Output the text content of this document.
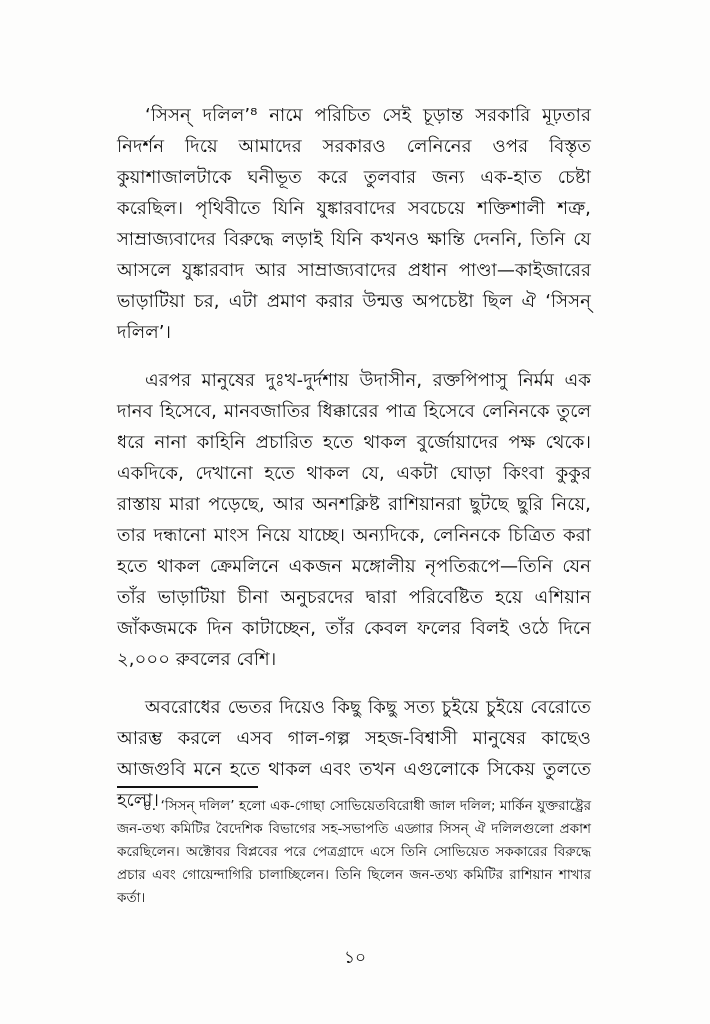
‘সিসন্ দলিল’⁸ নামে পরিচিত সেই চূড়ান্ত সরকারি মূঢ়তার নিদর্শন দিয়ে আমাদের সরকারও লেনিনের ওপর বিস্তৃত কুয়াশাজালটাকে ঘনীভূত করে তুলবার জন্য এক-হাত চেষ্টা করেছিল। পৃথিবীতে যিনি যুঙ্কারবাদের সবচেয়ে শক্তিশালী শত্রু, সাম্রাজ্যবাদের বিরুদ্ধে লড়াই যিনি কখনও ক্ষান্তি দেননি, তিনি যে আসলে যুঙ্কারবাদ আর সাম্রাজ্যবাদের প্রধান পাণ্ডা—কাইজারের ভাড়াটিয়া চর, এটা প্রমাণ করার উন্মত্ত অপচেষ্টা ছিল ঐ ‘সিসন্ দলিল’।

এরপর মানুষের দুঃখ-দুর্দশায় উদাসীন, রক্তপিপাসু নির্মম এক দানব হিসেবে, মানবজাতির ধিক্কারের পাত্র হিসেবে লেনিনকে তুলে ধরে নানা কাহিনি প্রচারিত হতে থাকল বুর্জোয়াদের পক্ষ থেকে। একদিকে, দেখানো হতে থাকল যে, একটা ঘোড়া কিংবা কুকুর রাস্তায় মারা পড়েছে, আর অনশক্লিষ্ট রাশিয়ানরা ছুটছে ছুরি নিয়ে, তার দন্ধানো মাংস নিয়ে যাচ্ছে। অন্যদিকে, লেনিনকে চিত্রিত করা হতে থাকল ক্রেমলিনে একজন মঙ্গোলীয় নৃপতিরূপে—তিনি যেন তাঁর ভাড়াটিয়া চীনা অনুচরদের দ্বারা পরিবেষ্টিত হয়ে এশিয়ান জাঁকজমকে দিন কাটাচ্ছেন, তাঁর কেবল ফলের বিলই ওঠে দিনে ২,০০০ রুবলের বেশি।

অবরোধের ভেতর দিয়েও কিছু কিছু সত্য চুইয়ে চুইয়ে বেরোতে আরম্ভ করলে এসব গাল-গল্প সহজ-বিশ্বাসী মানুষের কাছেও আজগুবি মনে হতে থাকল এবং তখন এগুলোকে সিকেয় তুলতে হলো।

৪. ‘সিসন্ দলিল’ হলো এক-গোছা সোভিয়েতবিরোধী জাল দলিল; মার্কিন যুক্তরাষ্ট্রের জন-তথ্য কমিটির বৈদেশিক বিভাগের সহ-সভাপতি এড্গার সিসন্ ঐ দলিলগুলো প্রকাশ করেছিলেন। অক্টোবর বিপ্লবের পরে পেত্রগ্রাদে এসে তিনি সোভিয়েত সককারের বিরুদ্ধে প্রচার এবং গোয়েন্দাগিরি চালাচ্ছিলেন। তিনি ছিলেন জন-তথ্য কমিটির রাশিয়ান শাখার কর্তা।
১০
